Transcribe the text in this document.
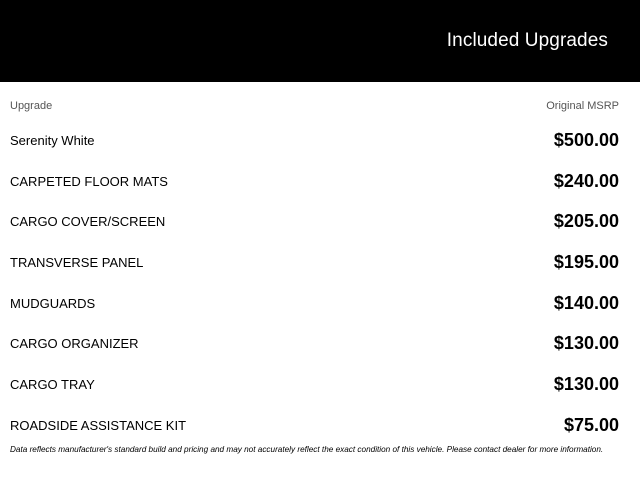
Included Upgrades
Upgrade	Original MSRP
Serenity White	$500.00
CARPETED FLOOR MATS	$240.00
CARGO COVER/SCREEN	$205.00
TRANSVERSE PANEL	$195.00
MUDGUARDS	$140.00
CARGO ORGANIZER	$130.00
CARGO TRAY	$130.00
ROADSIDE ASSISTANCE KIT	$75.00
Data reflects manufacturer's standard build and pricing and may not accurately reflect the exact condition of this vehicle. Please contact dealer for more information.
